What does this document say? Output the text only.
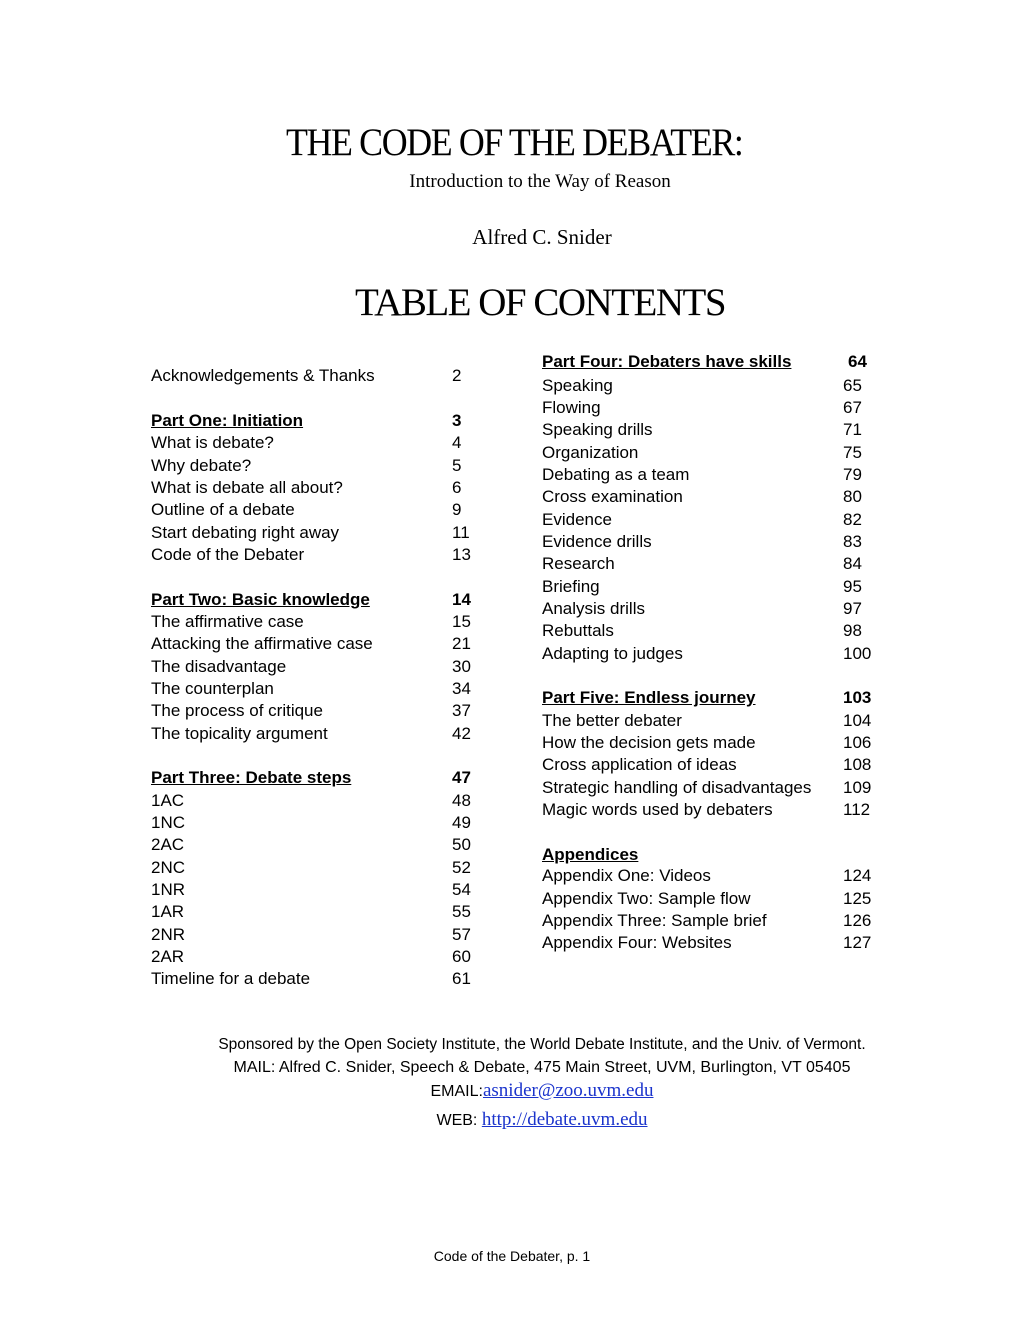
THE CODE OF THE DEBATER:
Introduction to the Way of Reason
Alfred C. Snider
TABLE OF CONTENTS
Acknowledgements & Thanks	2
Part One: Initiation	3
What is debate?	4
Why debate?	5
What is debate all about?	6
Outline of a debate	9
Start debating right away	11
Code of the Debater	13
Part Two: Basic knowledge	14
The affirmative case	15
Attacking the affirmative case	21
The disadvantage	30
The counterplan	34
The process of critique	37
The topicality argument	42
Part Three: Debate steps	47
1AC	48
1NC	49
2AC	50
2NC	52
1NR	54
1AR	55
2NR	57
2AR	60
Timeline for a debate	61
Part Four: Debaters have skills	64
Speaking	65
Flowing	67
Speaking drills	71
Organization	75
Debating as a team	79
Cross examination	80
Evidence	82
Evidence drills	83
Research	84
Briefing	95
Analysis drills	97
Rebuttals	98
Adapting to judges	100
Part Five: Endless journey	103
The better debater	104
How the decision gets made	106
Cross application of ideas	108
Strategic handling of disadvantages 109
Magic words used by debaters	112
Appendices
Appendix One: Videos	124
Appendix Two: Sample flow	125
Appendix Three: Sample brief	126
Appendix Four: Websites	127
Sponsored by the Open Society Institute, the World Debate Institute, and the Univ. of Vermont.
MAIL: Alfred C. Snider, Speech & Debate, 475 Main Street, UVM, Burlington, VT 05405
EMAIL:asnider@zoo.uvm.edu
WEB: http://debate.uvm.edu
Code of the Debater, p. 1
